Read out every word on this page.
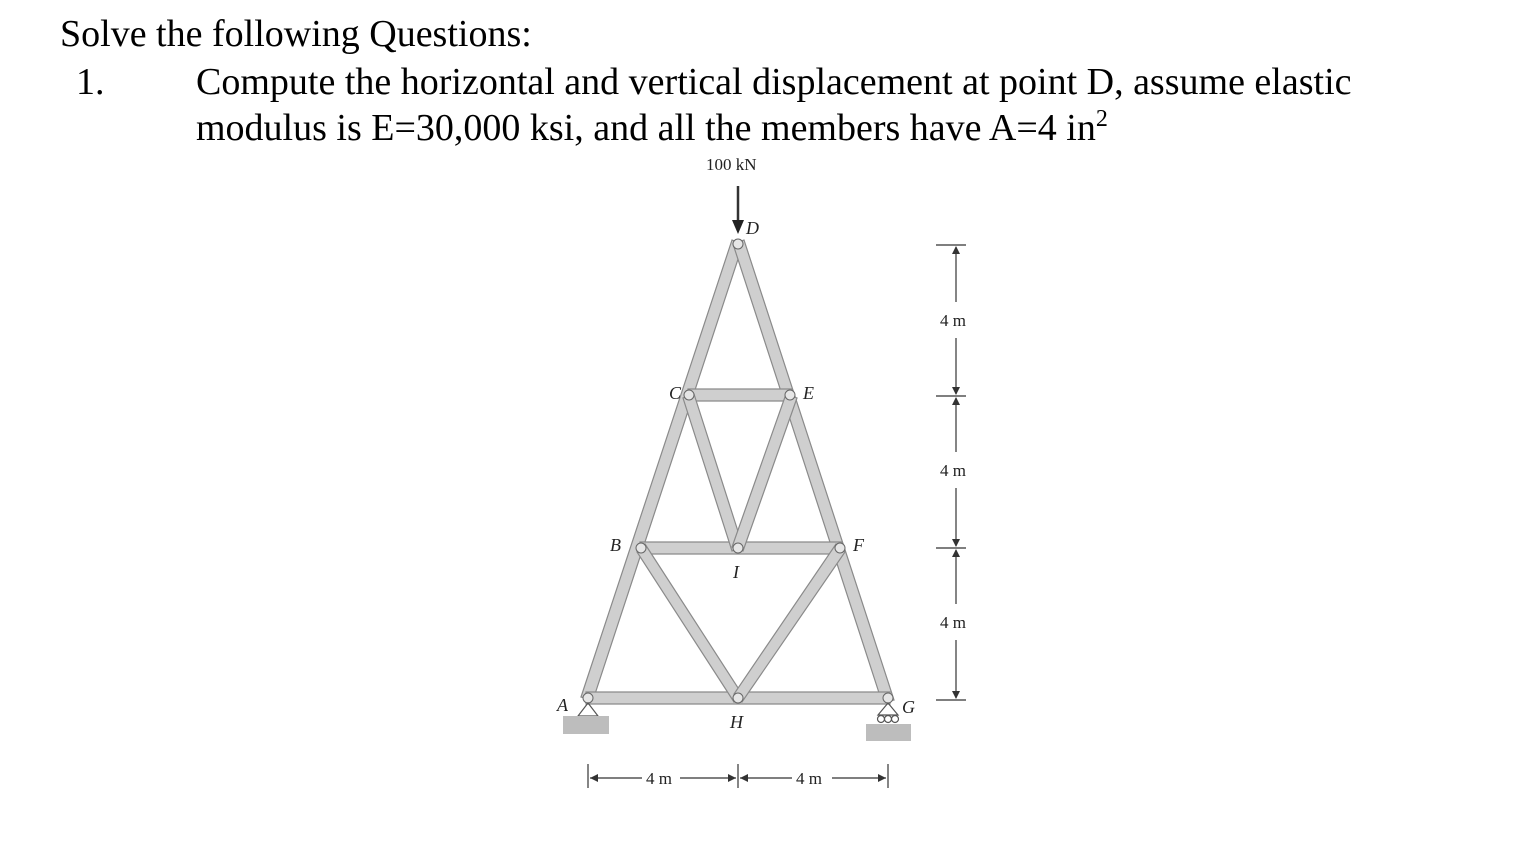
Solve the following Questions:
1. Compute the horizontal and vertical displacement at point D, assume elastic
modulus is E=30,000 ksi, and all the members have A=4 $in^2$
100 kN
D
C	E
B
I
F
A
H
G
4 m
4 m
4 m
4 m	4 m
